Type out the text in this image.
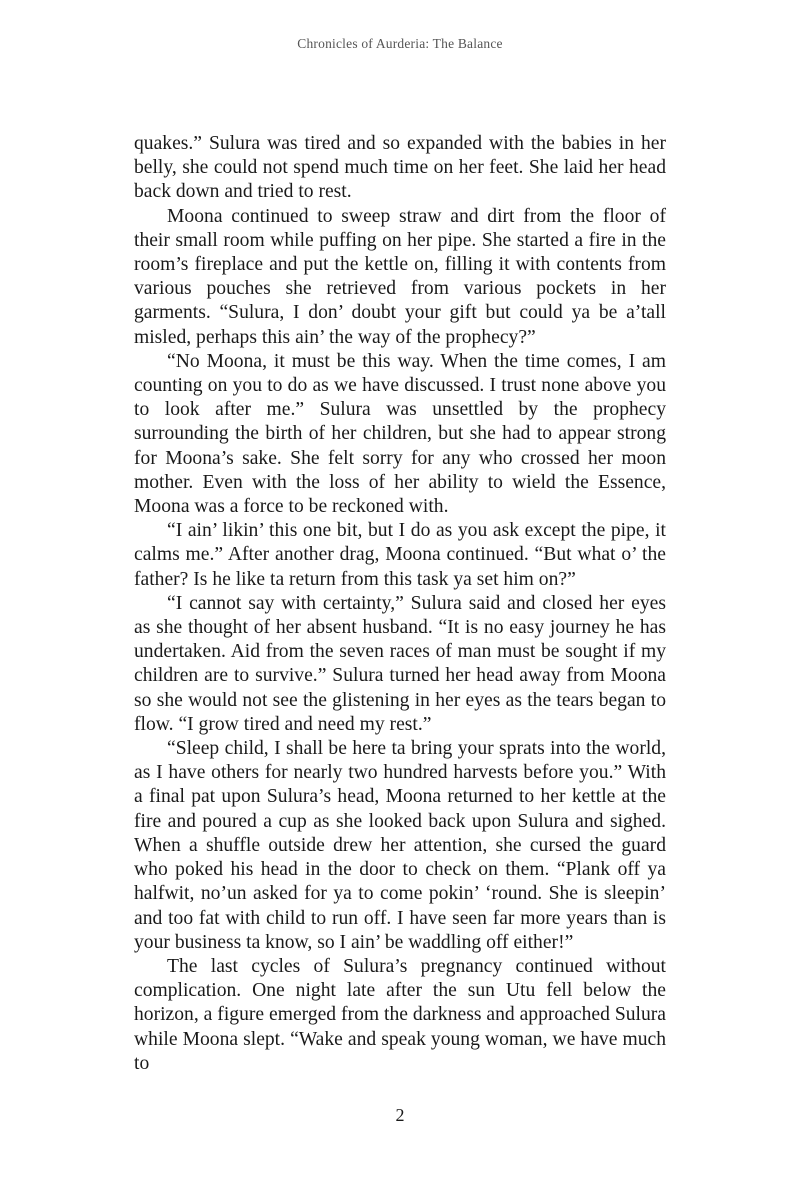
Chronicles of Aurderia: The Balance

quakes.” Sulura was tired and so expanded with the babies in her belly, she could not spend much time on her feet. She laid her head back down and tried to rest.

Moona continued to sweep straw and dirt from the floor of their small room while puffing on her pipe. She started a fire in the room’s fireplace and put the kettle on, filling it with contents from various pouches she retrieved from various pockets in her garments. “Sulura, I don’ doubt your gift but could ya be a’tall misled, perhaps this ain’ the way of the prophecy?”

“No Moona, it must be this way. When the time comes, I am counting on you to do as we have discussed. I trust none above you to look after me.” Sulura was unsettled by the prophecy surrounding the birth of her children, but she had to appear strong for Moona’s sake. She felt sorry for any who crossed her moon mother. Even with the loss of her ability to wield the Essence, Moona was a force to be reckoned with.

“I ain’ likin’ this one bit, but I do as you ask except the pipe, it calms me.” After another drag, Moona continued. “But what o’ the father? Is he like ta return from this task ya set him on?”

“I cannot say with certainty,” Sulura said and closed her eyes as she thought of her absent husband. “It is no easy journey he has undertaken. Aid from the seven races of man must be sought if my children are to survive.” Sulura turned her head away from Moona so she would not see the glistening in her eyes as the tears began to flow. “I grow tired and need my rest.”

“Sleep child, I shall be here ta bring your sprats into the world, as I have others for nearly two hundred harvests before you.” With a final pat upon Sulura’s head, Moona returned to her kettle at the fire and poured a cup as she looked back upon Sulura and sighed. When a shuffle outside drew her attention, she cursed the guard who poked his head in the door to check on them. “Plank off ya halfwit, no’un asked for ya to come pokin’ ‘round. She is sleepin’ and too fat with child to run off. I have seen far more years than is your business ta know, so I ain’ be waddling off either!”

The last cycles of Sulura’s pregnancy continued without complication. One night late after the sun Utu fell below the horizon, a figure emerged from the darkness and approached Sulura while Moona slept. “Wake and speak young woman, we have much to

2
